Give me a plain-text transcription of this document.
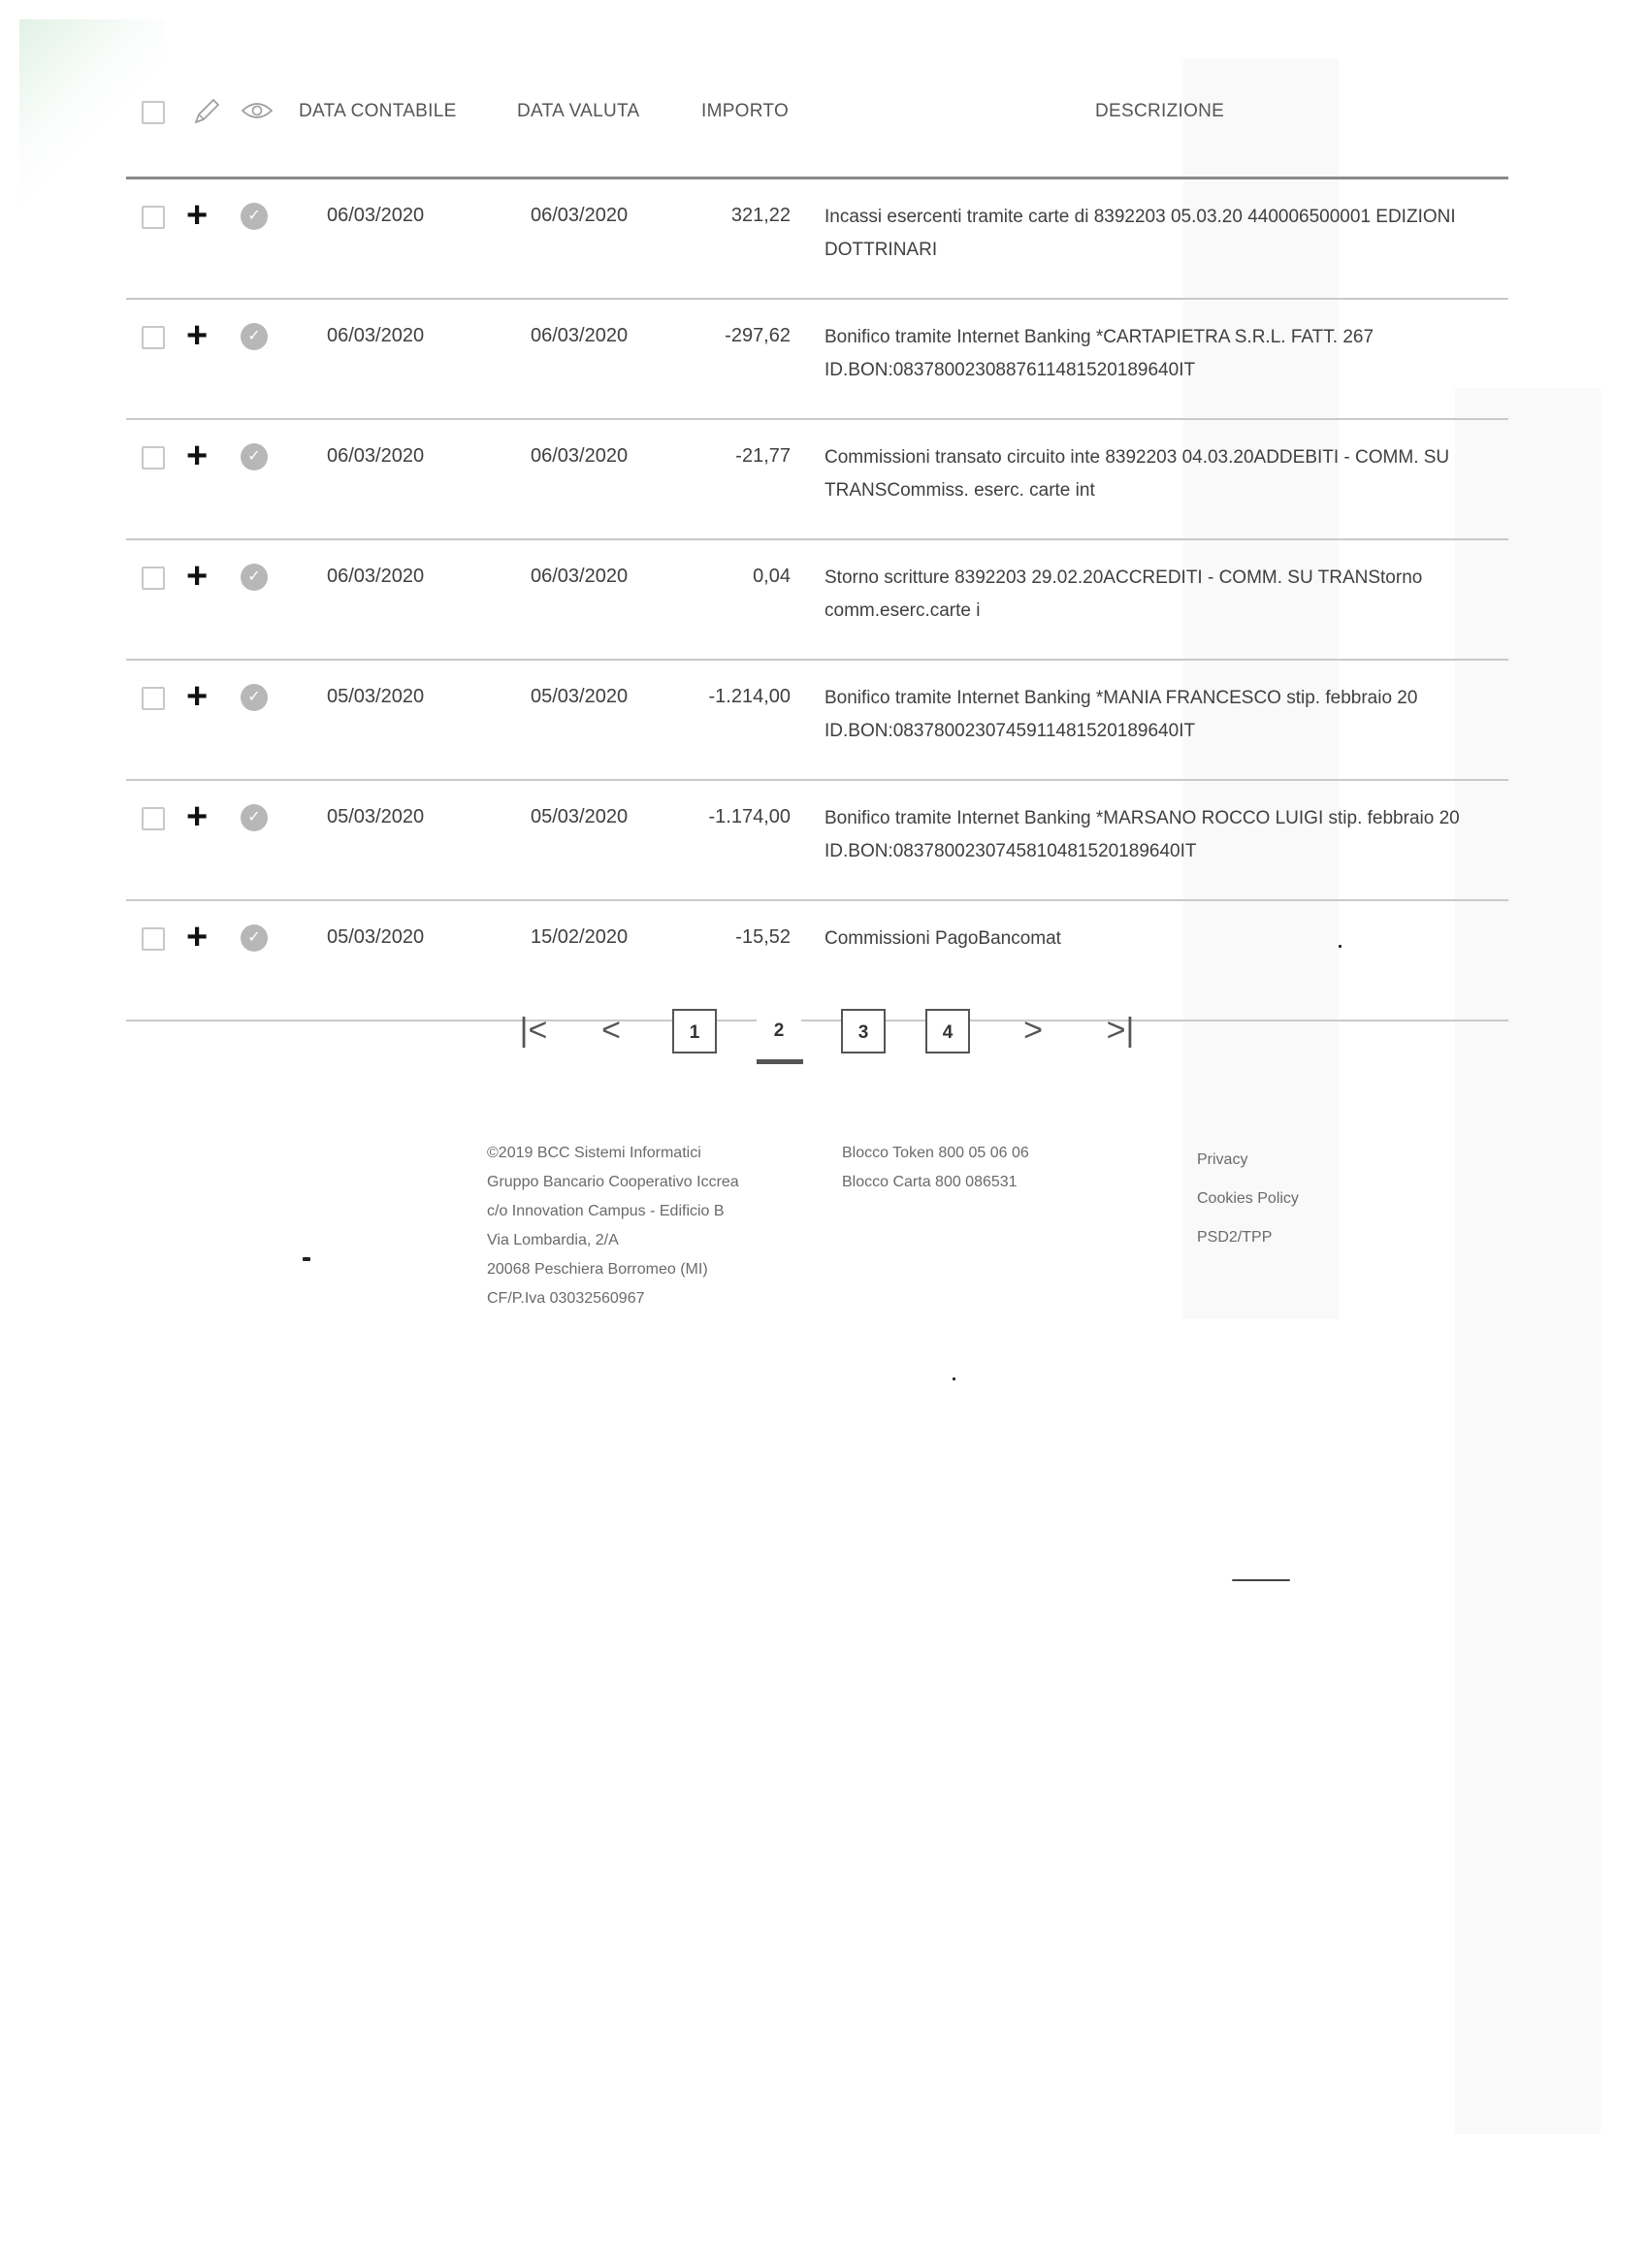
DATA CONTABILE	DATA VALUTA	IMPORTO	DESCRIZIONE
+	✓	06/03/2020	06/03/2020	321,22 Incassi esercenti tramite carte di 8392203 05.03.20 440006500001 EDIZIONI DOTTRINARI
+	✓	06/03/2020	06/03/2020	-297,62 Bonifico tramite Internet Banking *CARTAPIETRA S.R.L. FATT. 267 ID.BON:0837800230887611481520189640IT
+	✓	06/03/2020	06/03/2020	-21,77 Commissioni transato circuito inte 8392203 04.03.20ADDEBITI - COMM. SU TRANSCommiss. eserc. carte int
+	✓	06/03/2020	06/03/2020	0,04 Storno scritture 8392203 29.02.20ACCREDITI - COMM. SU TRANStorno comm.eserc.carte i
+	✓	05/03/2020	05/03/2020	-1.214,00 Bonifico tramite Internet Banking *MANIA FRANCESCO stip. febbraio 20 ID.BON:0837800230745911481520189640IT
+	✓	05/03/2020	05/03/2020	-1.174,00 Bonifico tramite Internet Banking *MARSANO ROCCO LUIGI stip. febbraio 20 ID.BON:0837800230745810481520189640IT
+	✓	05/03/2020	15/02/2020	-15,52 Commissioni PagoBancomat
|<	<	1	2	3	4	>	>|
©2019 BCC Sistemi Informatici
Gruppo Bancario Cooperativo Iccrea
c/o Innovation Campus - Edificio B
Via Lombardia, 2/A
20068 Peschiera Borromeo (MI)
CF/P.Iva 03032560967
Blocco Token 800 05 06 06
Blocco Carta 800 086531
Privacy
Cookies Policy
PSD2/TPP
